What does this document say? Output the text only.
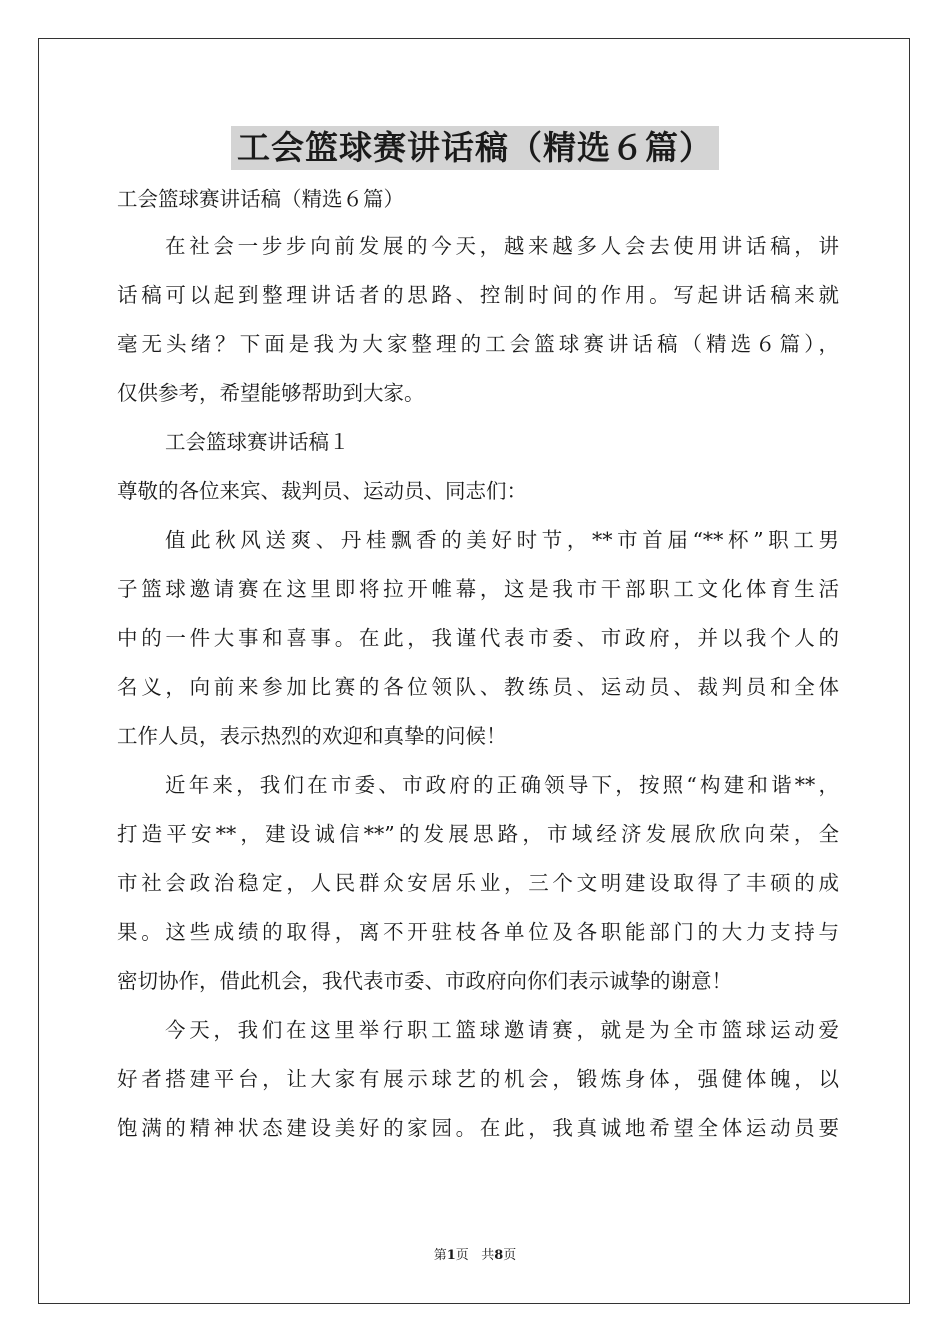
工会篮球赛讲话稿（精选６篇）
工会篮球赛讲话稿（精选６篇）
在社会一步步向前发展的今天，越来越多人会去使用讲话稿，讲
话稿可以起到整理讲话者的思路、控制时间的作用。写起讲话稿来就
毫无头绪？下面是我为大家整理的工会篮球赛讲话稿（精选６篇），
仅供参考，希望能够帮助到大家。
工会篮球赛讲话稿１
尊敬的各位来宾、裁判员、运动员、同志们：
值此秋风送爽、丹桂飘香的美好时节，**市首届“**杯”职工男
子篮球邀请赛在这里即将拉开帷幕，这是我市干部职工文化体育生活
中的一件大事和喜事。在此，我谨代表市委、市政府，并以我个人的
名义，向前来参加比赛的各位领队、教练员、运动员、裁判员和全体
工作人员，表示热烈的欢迎和真挚的问候！
近年来，我们在市委、市政府的正确领导下，按照“构建和谐**，
打造平安**，建设诚信**”的发展思路，市域经济发展欣欣向荣，全
市社会政治稳定，人民群众安居乐业，三个文明建设取得了丰硕的成
果。这些成绩的取得，离不开驻枝各单位及各职能部门的大力支持与
密切协作，借此机会，我代表市委、市政府向你们表示诚挚的谢意！
今天，我们在这里举行职工篮球邀请赛，就是为全市篮球运动爱
好者搭建平台，让大家有展示球艺的机会，锻炼身体，强健体魄，以
饱满的精神状态建设美好的家园。在此，我真诚地希望全体运动员要
第1页 共8页
